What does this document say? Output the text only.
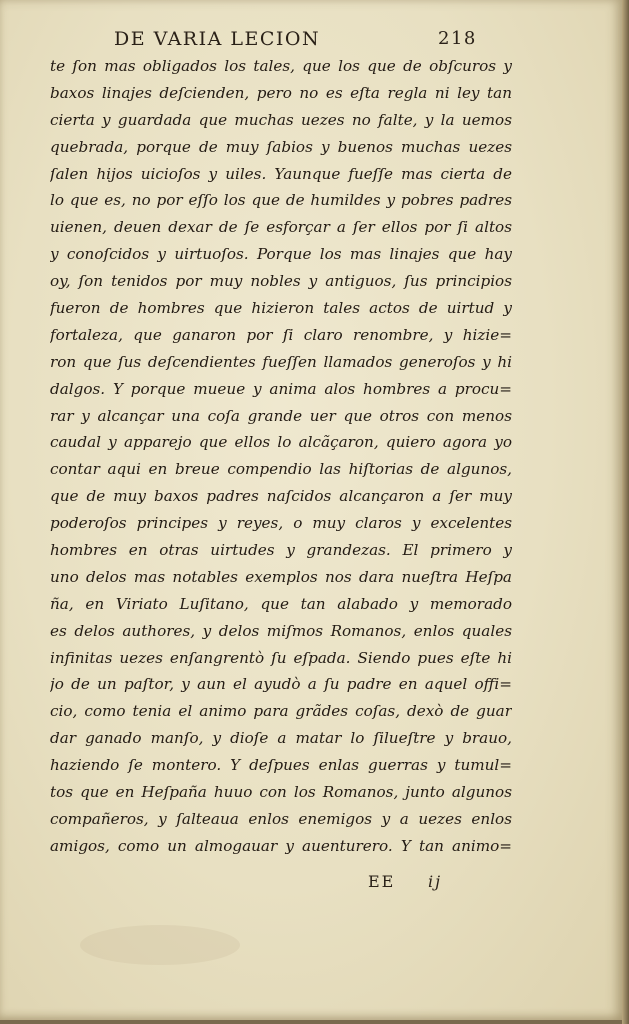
DE VARIA LECION	218
te ſon mas obligados los tales, que los que de obſcuros y
baxos linajes deſcienden, pero no es eſta regla ni ley tan
cierta y guardada que muchas uezes no falte, y la uemos
quebrada, porque de muy ſabios y buenos muchas uezes
ſalen hijos uicioſos y uiles. Yaunque fueſſe mas cierta de
lo que es, no por eſſo los que de humildes y pobres padres
uienen, deuen dexar de ſe esforçar a ſer ellos por ſi altos
y conoſcidos y uirtuoſos. Porque los mas linajes que hay
oy, ſon tenidos por muy nobles y antiguos, ſus principios
fueron de hombres que hizieron tales actos de uirtud y
fortaleza, que ganaron por ſi claro renombre, y hizie=
ron que ſus deſcendientes fueſſen llamados generoſos y hi
dalgos. Y porque mueue y anima alos hombres a procu=
rar y alcançar una coſa grande uer que otros con menos
caudal y apparejo que ellos lo alcãçaron, quiero agora yo
contar aqui en breue compendio las hiſtorias de algunos,
que de muy baxos padres naſcidos alcançaron a ſer muy
poderoſos principes y reyes, o muy claros y excelentes
hombres en otras uirtudes y grandezas. El primero y
uno delos mas notables exemplos nos dara nueſtra Heſpa
ña, en Viriato Luſitano, que tan alabado y memorado
es delos authores, y delos miſmos Romanos, enlos quales
infinitas uezes enſangrentò ſu eſpada. Siendo pues eſte hi
jo de un paſtor, y aun el ayudò a ſu padre en aquel offi=
cio, como tenia el animo para grãdes coſas, dexò de guar
dar ganado manſo, y dioſe a matar lo ſilueſtre y brauo,
haziendo ſe montero. Y deſpues enlas guerras y tumul=
tos que en Heſpaña huuo con los Romanos, junto algunos
compañeros, y ſalteaua enlos enemigos y a uezes enlos
amigos, como un almogauar y auenturero. Y tan animo=
EE ij
